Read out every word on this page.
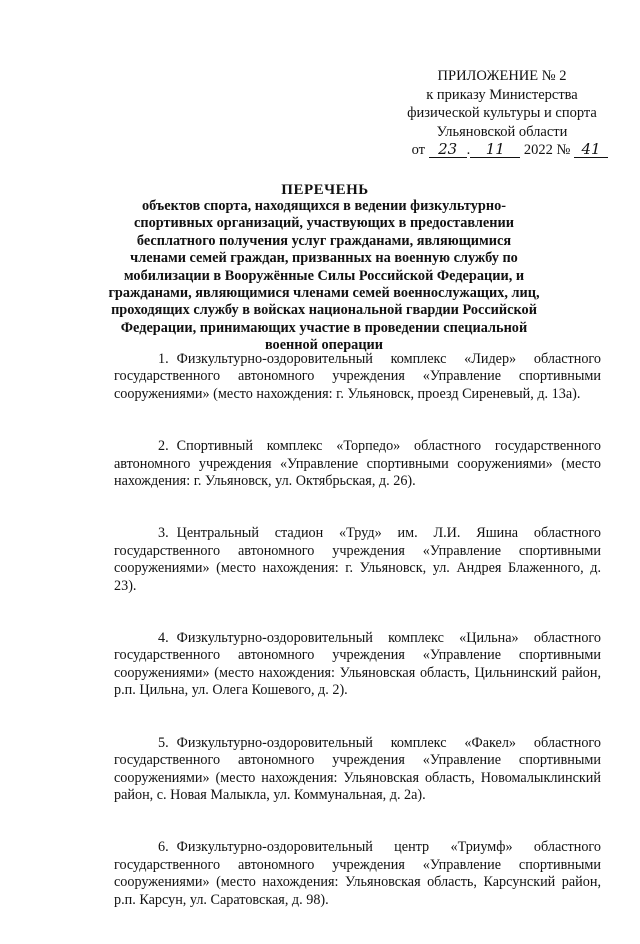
ПРИЛОЖЕНИЕ № 2
к приказу Министерства
физической культуры и спорта
Ульяновской области
от 23 . 11 2022 № 41
ПЕРЕЧЕНЬ
объектов спорта, находящихся в ведении физкультурно-спортивных организаций, участвующих в предоставлении бесплатного получения услуг гражданами, являющимися членами семей граждан, призванных на военную службу по мобилизации в Вооружённые Силы Российской Федерации, и гражданами, являющимися членами семей военнослужащих, лиц, проходящих службу в войсках национальной гвардии Российской Федерации, принимающих участие в проведении специальной военной операции
1. Физкультурно-оздоровительный комплекс «Лидер» областного государственного автономного учреждения «Управление спортивными сооружениями» (место нахождения: г. Ульяновск, проезд Сиреневый, д. 13а).
2. Спортивный комплекс «Торпедо» областного государственного автономного учреждения «Управление спортивными сооружениями» (место нахождения: г. Ульяновск, ул. Октябрьская, д. 26).
3. Центральный стадион «Труд» им. Л.И. Яшина областного государственного автономного учреждения «Управление спортивными сооружениями» (место нахождения: г. Ульяновск, ул. Андрея Блаженного, д. 23).
4. Физкультурно-оздоровительный комплекс «Цильна» областного государственного автономного учреждения «Управление спортивными сооружениями» (место нахождения: Ульяновская область, Цильнинский район, р.п. Цильна, ул. Олега Кошевого, д. 2).
5. Физкультурно-оздоровительный комплекс «Факел» областного государственного автономного учреждения «Управление спортивными сооружениями» (место нахождения: Ульяновская область, Новомалыклинский район, с. Новая Малыкла, ул. Коммунальная, д. 2а).
6. Физкультурно-оздоровительный центр «Триумф» областного государственного автономного учреждения «Управление спортивными сооружениями» (место нахождения: Ульяновская область, Карсунский район, р.п. Карсун, ул. Саратовская, д. 98).
